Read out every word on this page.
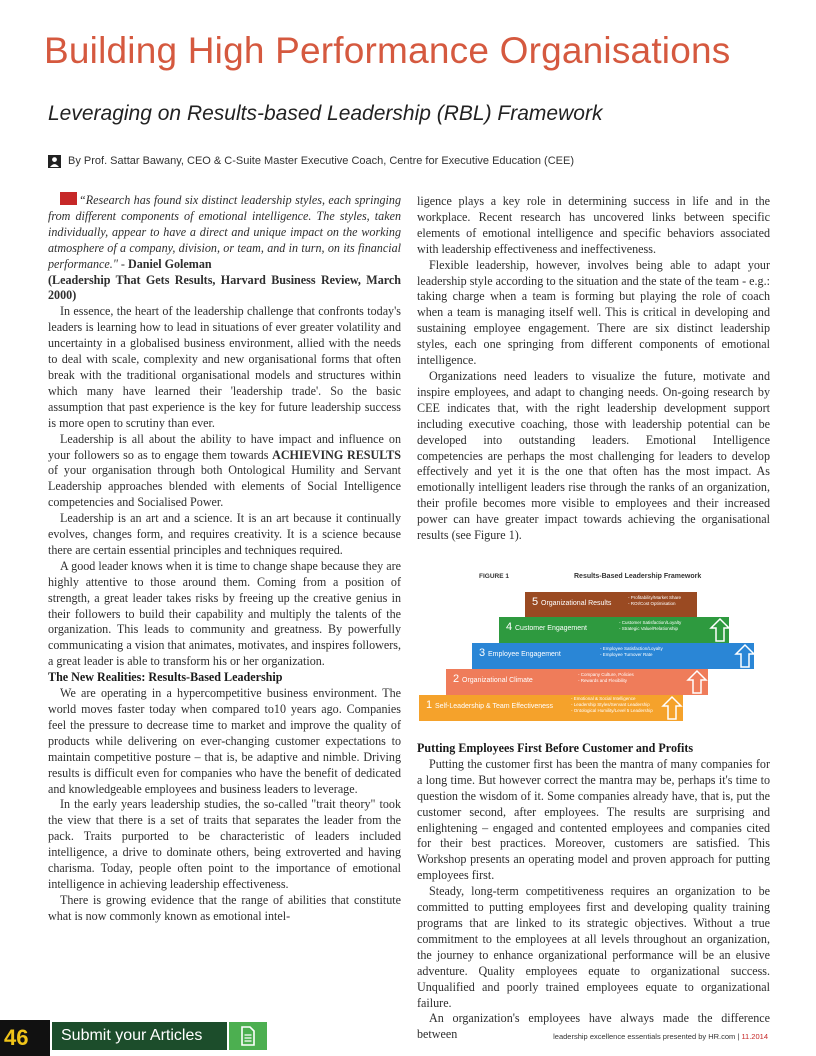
Building High Performance Organisations
Leveraging on Results-based Leadership (RBL) Framework
By Prof. Sattar Bawany, CEO & C-Suite Master Executive Coach, Centre for Executive Education (CEE)

“Research has found six distinct leadership styles, each springing from different components of emotional intelligence. The styles, taken individually, appear to have a direct and unique impact on the working atmosphere of a company, division, or team, and in turn, on its financial performance." - Daniel Goleman

(Leadership That Gets Results, Harvard Business Review, March 2000)

In essence, the heart of the leadership challenge that confronts today's leaders is learning how to lead in situations of ever greater volatility and uncertainty in a globalised business environment, allied with the needs to deal with scale, complexity and new organisational forms that often break with the traditional organisational models and structures within which many have learned their 'leadership trade'. So the basic assumption that past experience is the key for future leadership success is more open to scrutiny than ever.

Leadership is all about the ability to have impact and influence on your followers so as to engage them towards ACHIEVING RESULTS of your organisation through both Ontological Humility and Servant Leadership approaches blended with elements of Social Intelligence competencies and Socialised Power.

Leadership is an art and a science. It is an art because it continually evolves, changes form, and requires creativity. It is a science because there are certain essential principles and techniques required.

A good leader knows when it is time to change shape because they are highly attentive to those around them. Coming from a position of strength, a great leader takes risks by freeing up the creative genius in their followers to build their capability and multiply the talents of the organization. This leads to community and greatness. By powerfully communicating a vision that animates, motivates, and inspires followers, a great leader is able to transform his or her organization.

The New Realities: Results-Based Leadership

We are operating in a hypercompetitive business environment. The world moves faster today when compared to10 years ago. Companies feel the pressure to decrease time to market and improve the quality of products while delivering on ever-changing customer expectations to maintain competitive posture – that is, be adaptive and nimble. Driving results is difficult even for companies who have the benefit of dedicated and knowledgeable employees and business leaders to leverage.

In the early years leadership studies, the so-called "trait theory" took the view that there is a set of traits that separates the leader from the pack. Traits purported to be characteristic of leaders included intelligence, a drive to dominate others, being extroverted and having charisma. Today, people often point to the importance of emotional intelligence in achieving leadership effectiveness.

There is growing evidence that the range of abilities that constitute what is now commonly known as emotional intel-

ligence plays a key role in determining success in life and in the workplace. Recent research has uncovered links between specific elements of emotional intelligence and specific behaviors associated with leadership effectiveness and ineffectiveness.

Flexible leadership, however, involves being able to adapt your leadership style according to the situation and the state of the team - e.g.: taking charge when a team is forming but playing the role of coach when a team is managing itself well. This is critical in developing and sustaining employee engagement. There are six distinct leadership styles, each one springing from different components of emotional intelligence.

Organizations need leaders to visualize the future, motivate and inspire employees, and adapt to changing needs. On-going research by CEE indicates that, with the right leadership development support including executive coaching, those with leadership potential can be developed into outstanding leaders. Emotional Intelligence competencies are perhaps the most challenging for leaders to develop effectively and yet it is the one that often has the most impact. As emotionally intelligent leaders rise through the ranks of an organization, their profile becomes more visible to employees and their increased power can have greater impact towards achieving the organisational results (see Figure 1).

FIGURE 1	Results-Based Leadership Framework
5 Organizational Results
- Profitability/Market Share
- ROI/Cost Optimisation
4 Customer Engagement
- Customer Satisfaction/Loyalty
- Strategic Value/Relationship
3 Employee Engagement
- Employee Satisfaction/Loyalty
- Employee Turnover Rate
2 Organizational Climate
- Company Culture, Policies
- Rewards and Flexibility
1 Self-Leadership & Team Effectiveness
- Emotional & Social Intelligence
- Leadership Styles/Servant Leadership
- Ontological Humility/Level 5 Leadership

Putting Employees First Before Customer and Profits

Putting the customer first has been the mantra of many companies for a long time. But however correct the mantra may be, perhaps it's time to question the wisdom of it. Some companies already have, that is, put the customer second, after employees. The results are surprising and enlightening – engaged and contented employees and companies cited for their best practices. Moreover, customers are satisfied. This Workshop presents an operating model and proven approach for putting employees first.

Steady, long-term competitiveness requires an organization to be committed to putting employees first and developing quality training programs that are linked to its strategic objectives. Without a true commitment to the employees at all levels throughout an organization, the journey to enhance organizational performance will be an elusive adventure. Quality employees equate to organizational success. Unqualified and poorly trained employees equate to organizational failure.

An organization's employees have always made the difference between

46	Submit your Articles	leadership excellence essentials presented by HR.com | 11.2014
